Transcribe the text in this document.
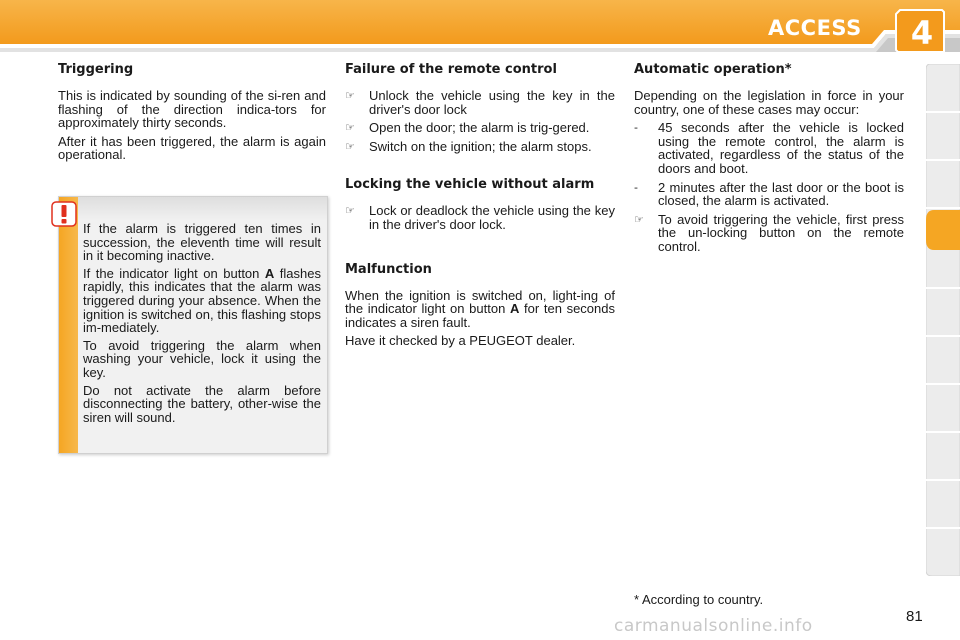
ACCESS 4
Triggering

This is indicated by sounding of the si-ren and flashing of the direction indica-tors for approximately thirty seconds.

After it has been triggered, the alarm is again operational.

If the alarm is triggered ten times in succession, the eleventh time will result in it becoming inactive.

If the indicator light on button A flashes rapidly, this indicates that the alarm was triggered during your absence. When the ignition is switched on, this flashing stops im-mediately.

To avoid triggering the alarm when washing your vehicle, lock it using the key.

Do not activate the alarm before disconnecting the battery, other-wise the siren will sound.

Failure of the remote control
☞	Unlock the vehicle using the key in the driver's door lock
☞	Open the door; the alarm is trig-gered.
☞	Switch on the ignition; the alarm stops.
Locking the vehicle without alarm
☞	Lock or deadlock the vehicle using the key in the driver's door lock.
Malfunction

When the ignition is switched on, light-ing of the indicator light on button A for ten seconds indicates a siren fault.

Have it checked by a PEUGEOT dealer.

Automatic operation*

Depending on the legislation in force in your country, one of these cases may occur:

-	45 seconds after the vehicle is locked using the remote control, the alarm is activated, regardless of the status of the doors and boot.
-	2 minutes after the last door or the boot is closed, the alarm is activated.
☞	To avoid triggering the vehicle, first press the un-locking button on the remote control.
* According to country.
81
carmanualsonline.info
